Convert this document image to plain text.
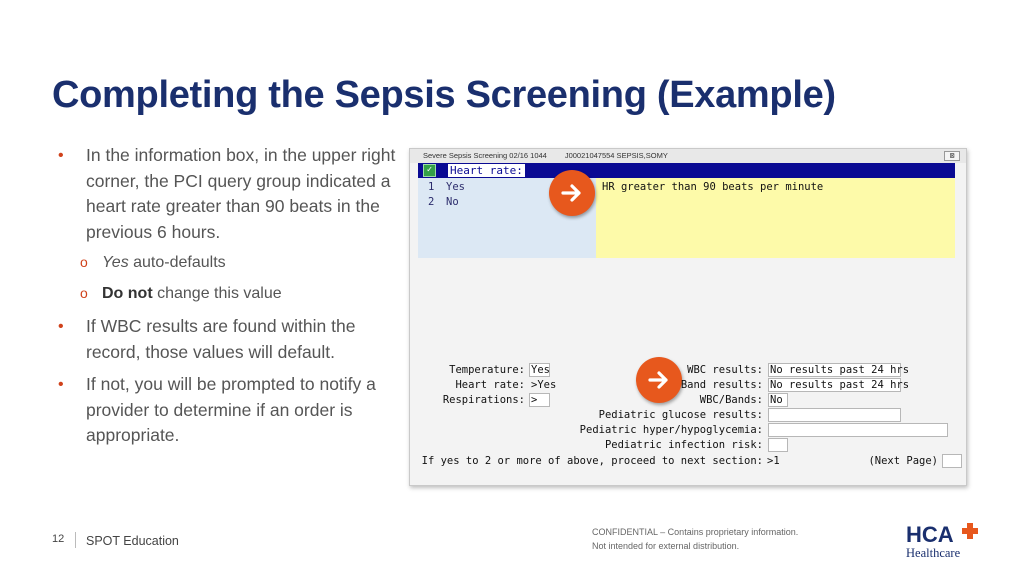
Completing the Sepsis Screening (Example)
• In the information box, in the upper right corner, the PCI query group indicated a heart rate greater than 90 beats in the previous 6 hours.
o Yes auto-defaults
o Do not change this value
• If WBC results are found within the record, those values will default.
• If not, you will be prompted to notify a provider to determine if an order is appropriate.
Severe Sepsis Screening 02/16 1044 J00021047554 SEPSIS,SOMY	⊠
✓	Heart rate:
1 Yes
2 No
HR greater than 90 beats per minute
Temperature: Yes
Heart rate: >Yes
Respirations: >
WBC results: No results past 24 hrs
Band results: No results past 24 hrs
WBC/Bands: No
Pediatric glucose results:
Pediatric hyper/hypoglycemia:
Pediatric infection risk:
If yes to 2 or more of above, proceed to next section: >1	(Next Page)
12 SPOT Education
CONFIDENTIAL – Contains proprietary information.
Not intended for external distribution.	HCA
Healthcare
